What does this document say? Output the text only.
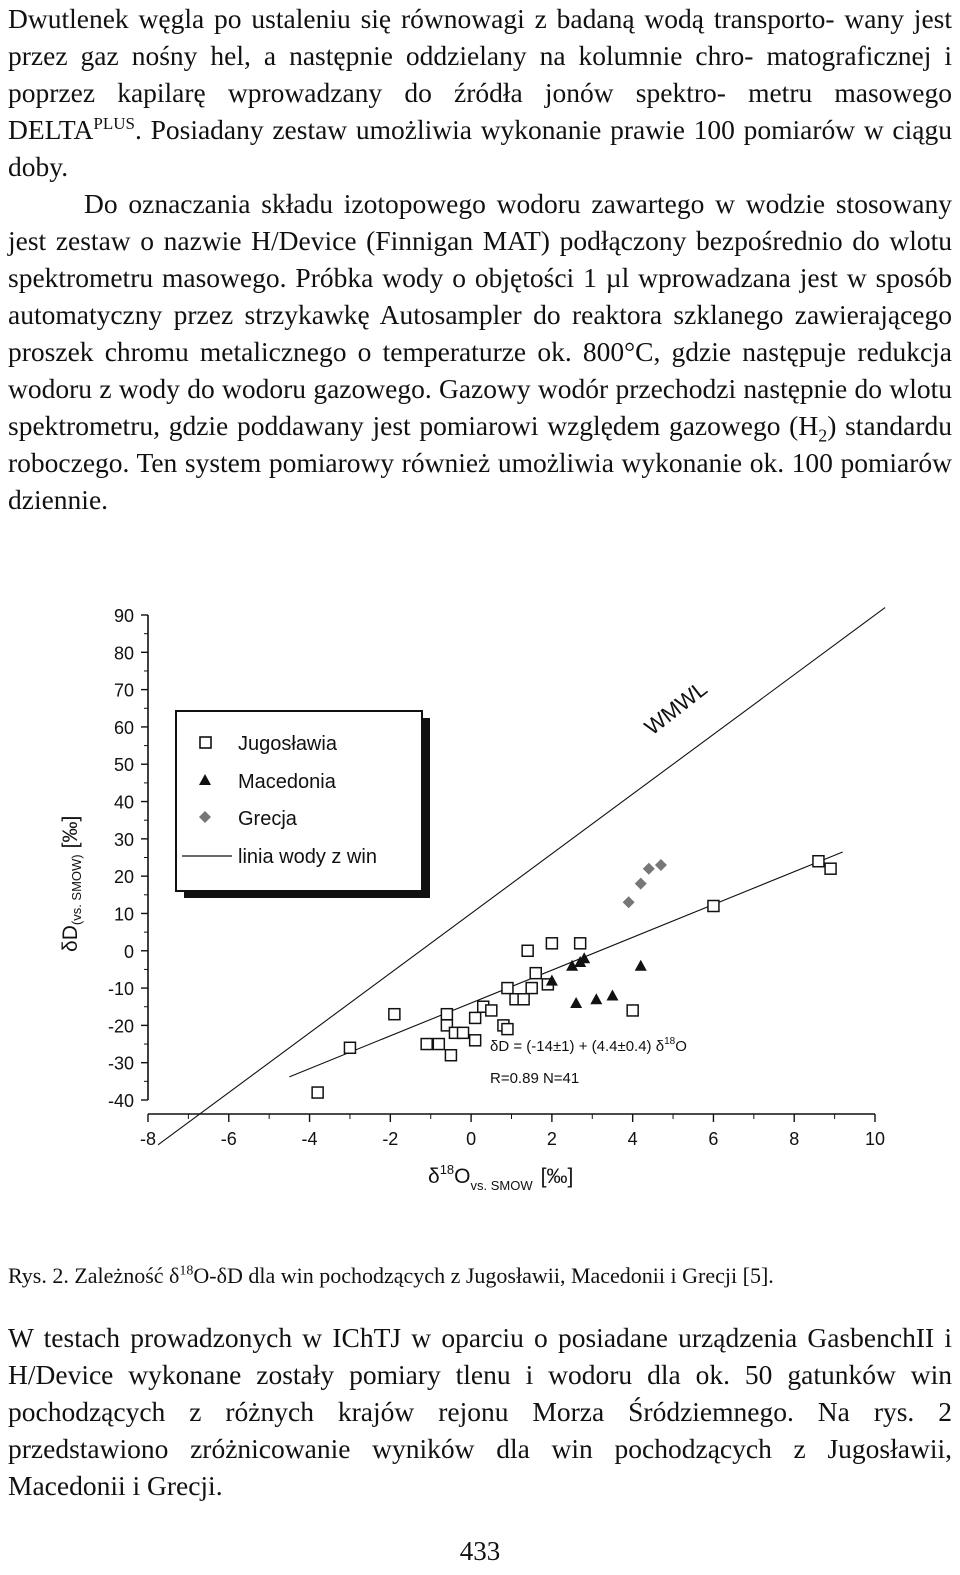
Dwutlenek węgla po ustaleniu się równowagi z badaną wodą transporto- wany jest przez gaz nośny hel, a następnie oddzielany na kolumnie chro- matograficznej i poprzez kapilarę wprowadzany do źródła jonów spektro- metru masowego $DELTA^{PLUS}$. Posiadany zestaw umożliwia wykonanie prawie 100 pomiarów w ciągu doby.
Do oznaczania składu izotopowego wodoru zawartego w wodzie stosowany jest zestaw o nazwie H/Device (Finnigan MAT) podłączony bezpośrednio do wlotu spektrometru masowego. Próbka wody o objętości 1 µl wprowadzana jest w sposób automatyczny przez strzykawkę Autosampler do reaktora szklanego zawierającego proszek chromu metalicznego o temperaturze ok. 800°C, gdzie następuje redukcja wodoru z wody do wodoru gazowego. Gazowy wodór przechodzi następnie do wlotu spektrometru, gdzie poddawany jest pomiarowi względem gazowego $(H_2)$ standardu roboczego. Ten system pomiarowy również umożliwia wykonanie ok. 100 pomiarów dziennie.
-40
-30
-20
-10
0
10
20
30
40
50
60
70
80
90
-8	-6	-4	-2	0	2	4	6	8	10
Jugosławia
Macedonia
Grecja
linia wody z win
WMWL
δD = (-14±1) + (4.4±0.4) $\delta^{18}O$
R=0.89 N=41
δD(vs. SMOW)[‰]
$\delta^{18}O_{vs. SMOW}$ [‰]
Rys. 2. Zależność $\delta^{18}O-\delta D$ dla win pochodzących z Jugosławii, Macedonii i Grecji [5].

W testach prowadzonych w IChTJ w oparciu o posiadane urządzenia GasbenchII i H/Device wykonane zostały pomiary tlenu i wodoru dla ok. 50 gatunków win pochodzących z różnych krajów rejonu Morza Śródziemnego. Na rys. 2 przedstawiono zróżnicowanie wyników dla win pochodzących z Jugosławii, Macedonii i Grecji.

433
